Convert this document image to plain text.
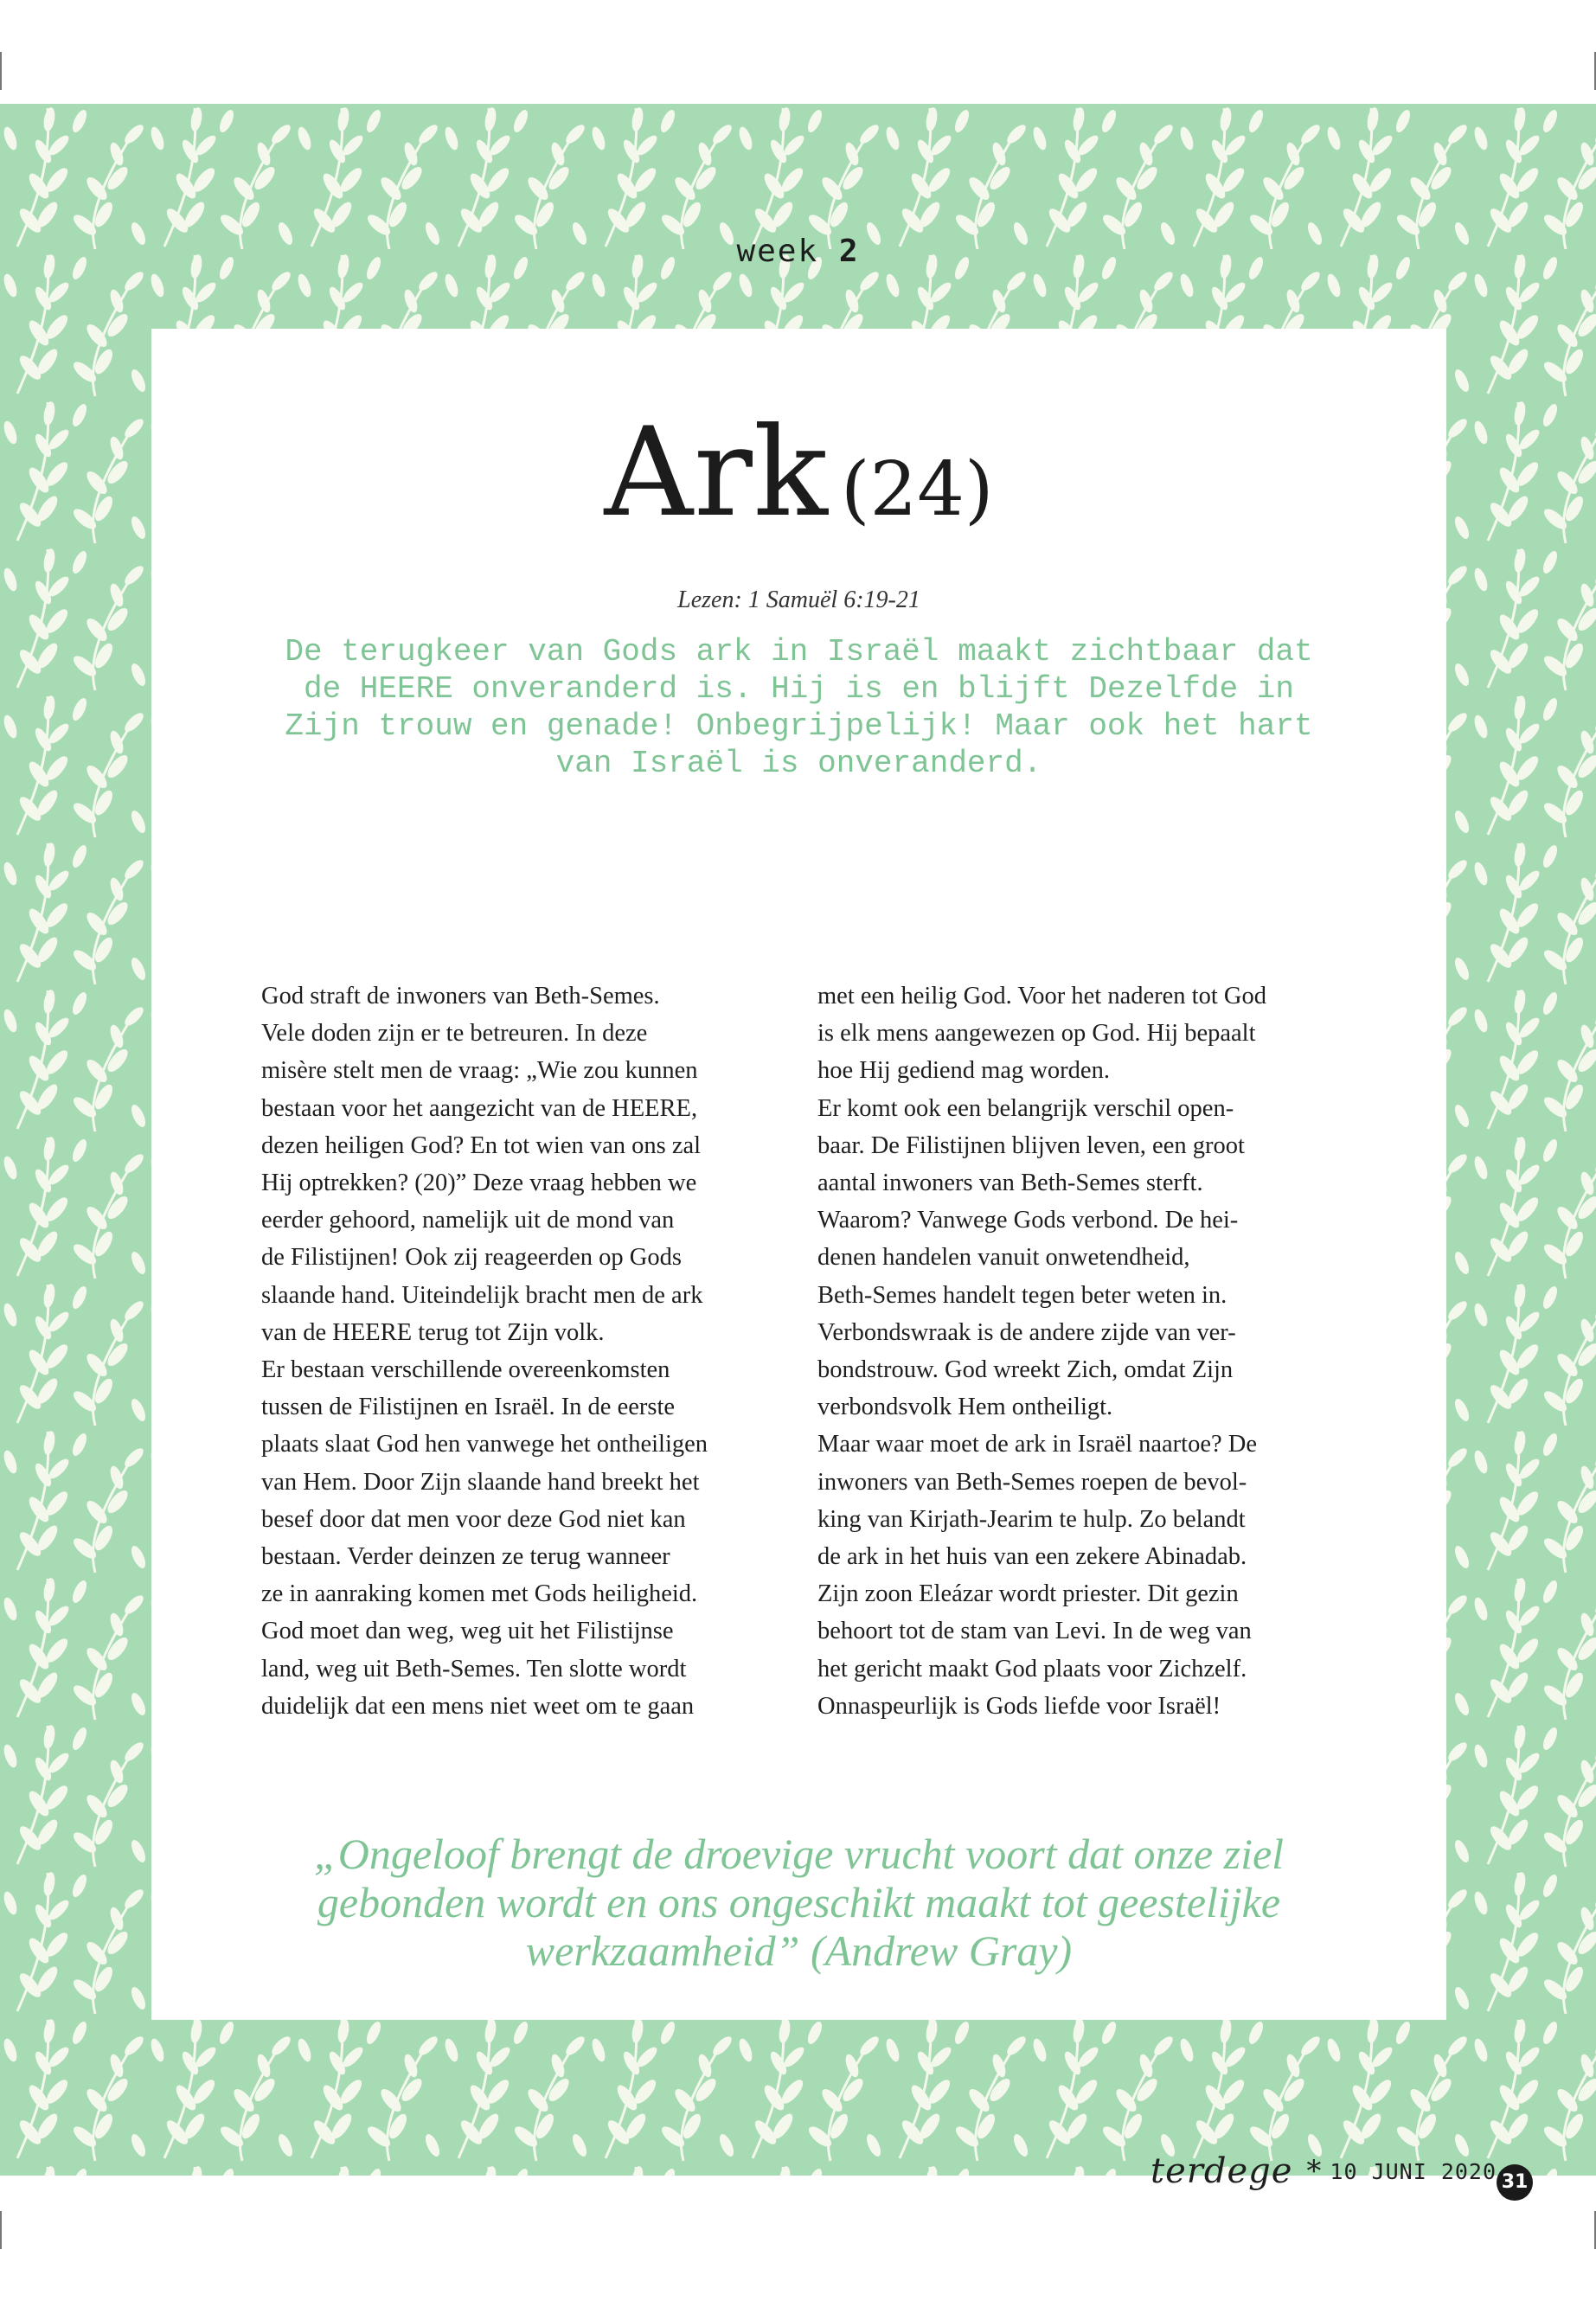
week 2
Ark (24)
Lezen: 1 Samuël 6:19-21
De terugkeer van Gods ark in Israël maakt zichtbaar dat
de HEERE onveranderd is. Hij is en blijft Dezelfde in
Zijn trouw en genade! Onbegrijpelijk! Maar ook het hart
van Israël is onveranderd.
God straft de inwoners van Beth-Semes.
Vele doden zijn er te betreuren. In deze
misère stelt men de vraag: „Wie zou kunnen
bestaan voor het aangezicht van de HEERE,
dezen heiligen God? En tot wien van ons zal
Hij optrekken? (20)” Deze vraag hebben we
eerder gehoord, namelijk uit de mond van
de Filistijnen! Ook zij reageerden op Gods
slaande hand. Uiteindelijk bracht men de ark
van de HEERE terug tot Zijn volk.
Er bestaan verschillende overeenkomsten
tussen de Filistijnen en Israël. In de eerste
plaats slaat God hen vanwege het ontheiligen
van Hem. Door Zijn slaande hand breekt het
besef door dat men voor deze God niet kan
bestaan. Verder deinzen ze terug wanneer
ze in aanraking komen met Gods heiligheid.
God moet dan weg, weg uit het Filistijnse
land, weg uit Beth-Semes. Ten slotte wordt
duidelijk dat een mens niet weet om te gaan
met een heilig God. Voor het naderen tot God
is elk mens aangewezen op God. Hij bepaalt
hoe Hij gediend mag worden.
Er komt ook een belangrijk verschil open-
baar. De Filistijnen blijven leven, een groot
aantal inwoners van Beth-Semes sterft.
Waarom? Vanwege Gods verbond. De hei-
denen handelen vanuit onwetendheid,
Beth-Semes handelt tegen beter weten in.
Verbondswraak is de andere zijde van ver-
bondstrouw. God wreekt Zich, omdat Zijn
verbondsvolk Hem ontheiligt.
Maar waar moet de ark in Israël naartoe? De
inwoners van Beth-Semes roepen de bevol-
king van Kirjath-Jearim te hulp. Zo belandt
de ark in het huis van een zekere Abinadab.
Zijn zoon Eleázar wordt priester. Dit gezin
behoort tot de stam van Levi. In de weg van
het gericht maakt God plaats voor Zichzelf.
Onnaspeurlijk is Gods liefde voor Israël!
„Ongeloof brengt de droevige vrucht voort dat onze ziel
gebonden wordt en ons ongeschikt maakt tot geestelijke
werkzaamheid” (Andrew Gray)
terdege * 10 JUNI 2020 31
